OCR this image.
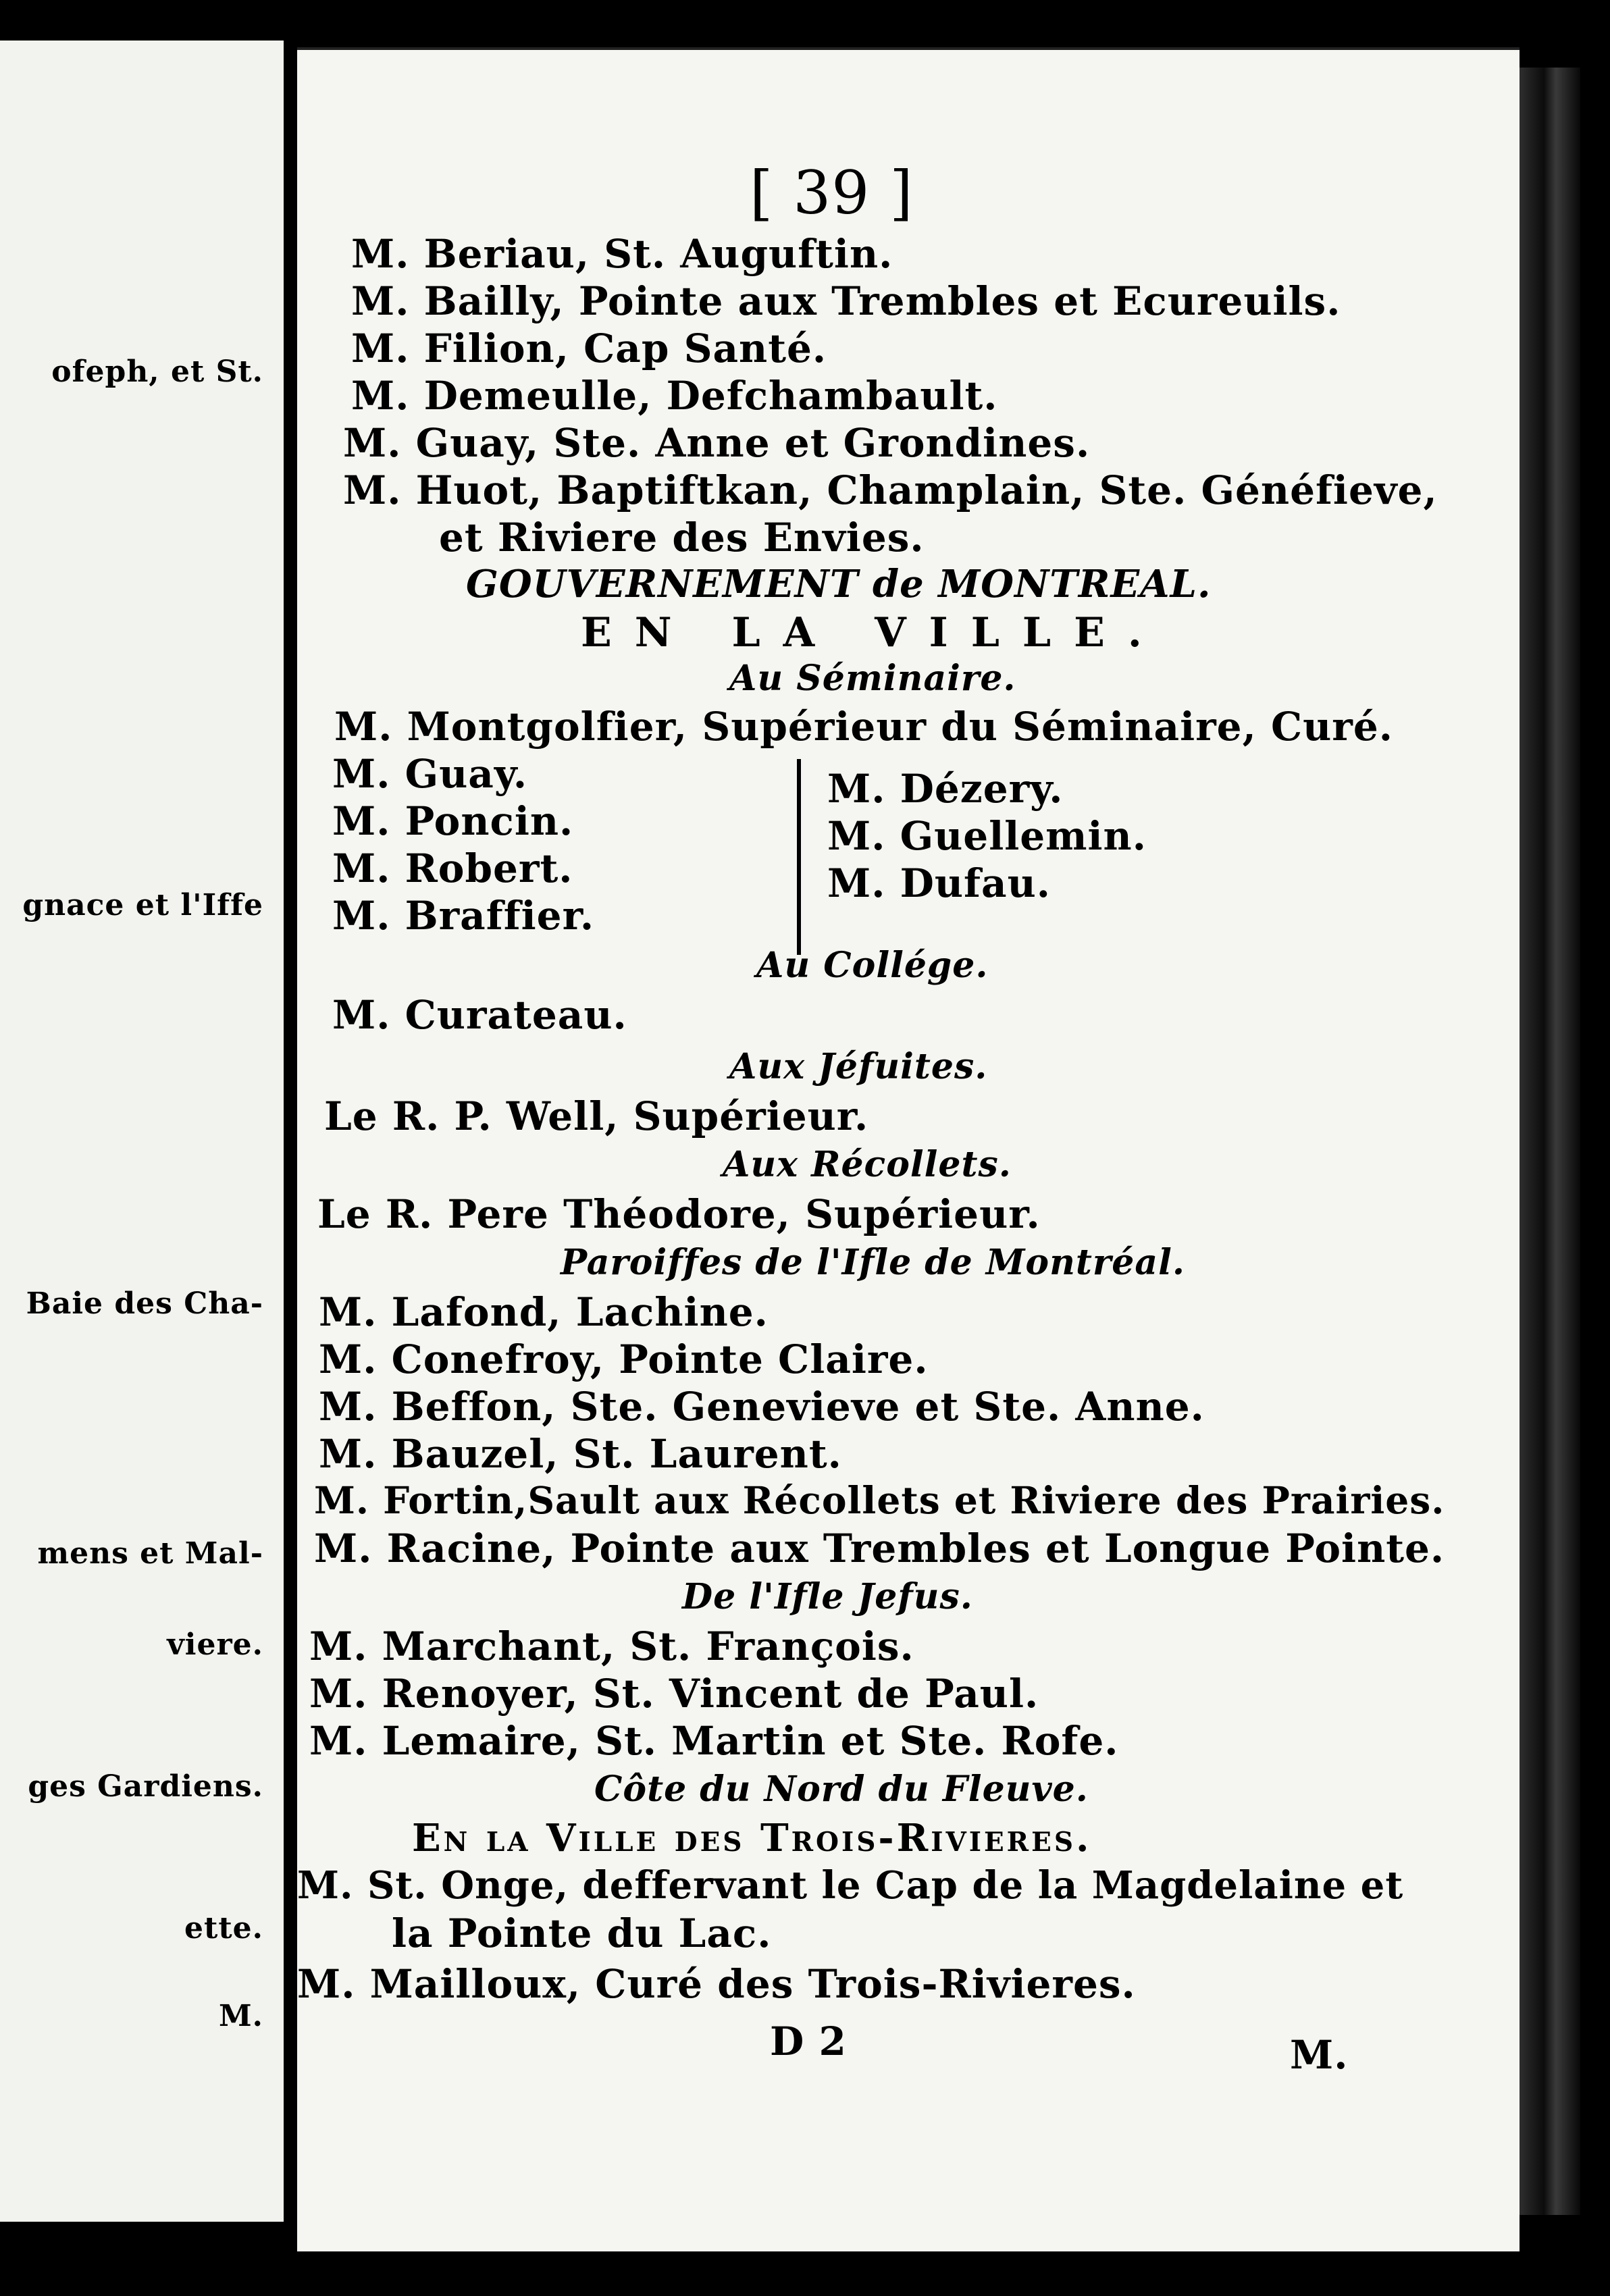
ofeph, et St.
gnace et l'Iffe
Baie des Cha-
mens et Mal-
viere.
ges Gardiens.
ette.
M.
[ 39 ]
M. Beriau, St. Auguftin.
M. Bailly, Pointe aux Trembles et Ecureuils.
M. Filion, Cap Santé.
M. Demeulle, Defchambault.
M. Guay, Ste. Anne et Grondines.
M. Huot, Baptiftkan, Champlain, Ste. Généfieve,
et Riviere des Envies.
GOUVERNEMENT de MONTREAL.
EN LA VILLE.
Au Séminaire.
M. Montgolfier, Supérieur du Séminaire, Curé.
M. Guay.
M. Poncin.
M. Robert.
M. Braffier.
M. Dézery.
M. Guellemin.
M. Dufau.
Au Collége.
M. Curateau.
Aux Jéfuites.
Le R. P. Well, Supérieur.
Aux Récollets.
Le R. Pere Théodore, Supérieur.
Paroiffes de l'Ifle de Montréal.
M. Lafond, Lachine.
M. Conefroy, Pointe Claire.
M. Beffon, Ste. Genevieve et Ste. Anne.
M. Bauzel, St. Laurent.
M. Fortin,Sault aux Récollets et Riviere des Prairies.
M. Racine, Pointe aux Trembles et Longue Pointe.
De l'Ifle Jefus.
M. Marchant, St. François.
M. Renoyer, St. Vincent de Paul.
M. Lemaire, St. Martin et Ste. Rofe.
Côte du Nord du Fleuve.
En la Ville des Trois-Rivieres.
M. St. Onge, deffervant le Cap de la Magdelaine et
la Pointe du Lac.
M. Mailloux, Curé des Trois-Rivieres.
D 2	M.
